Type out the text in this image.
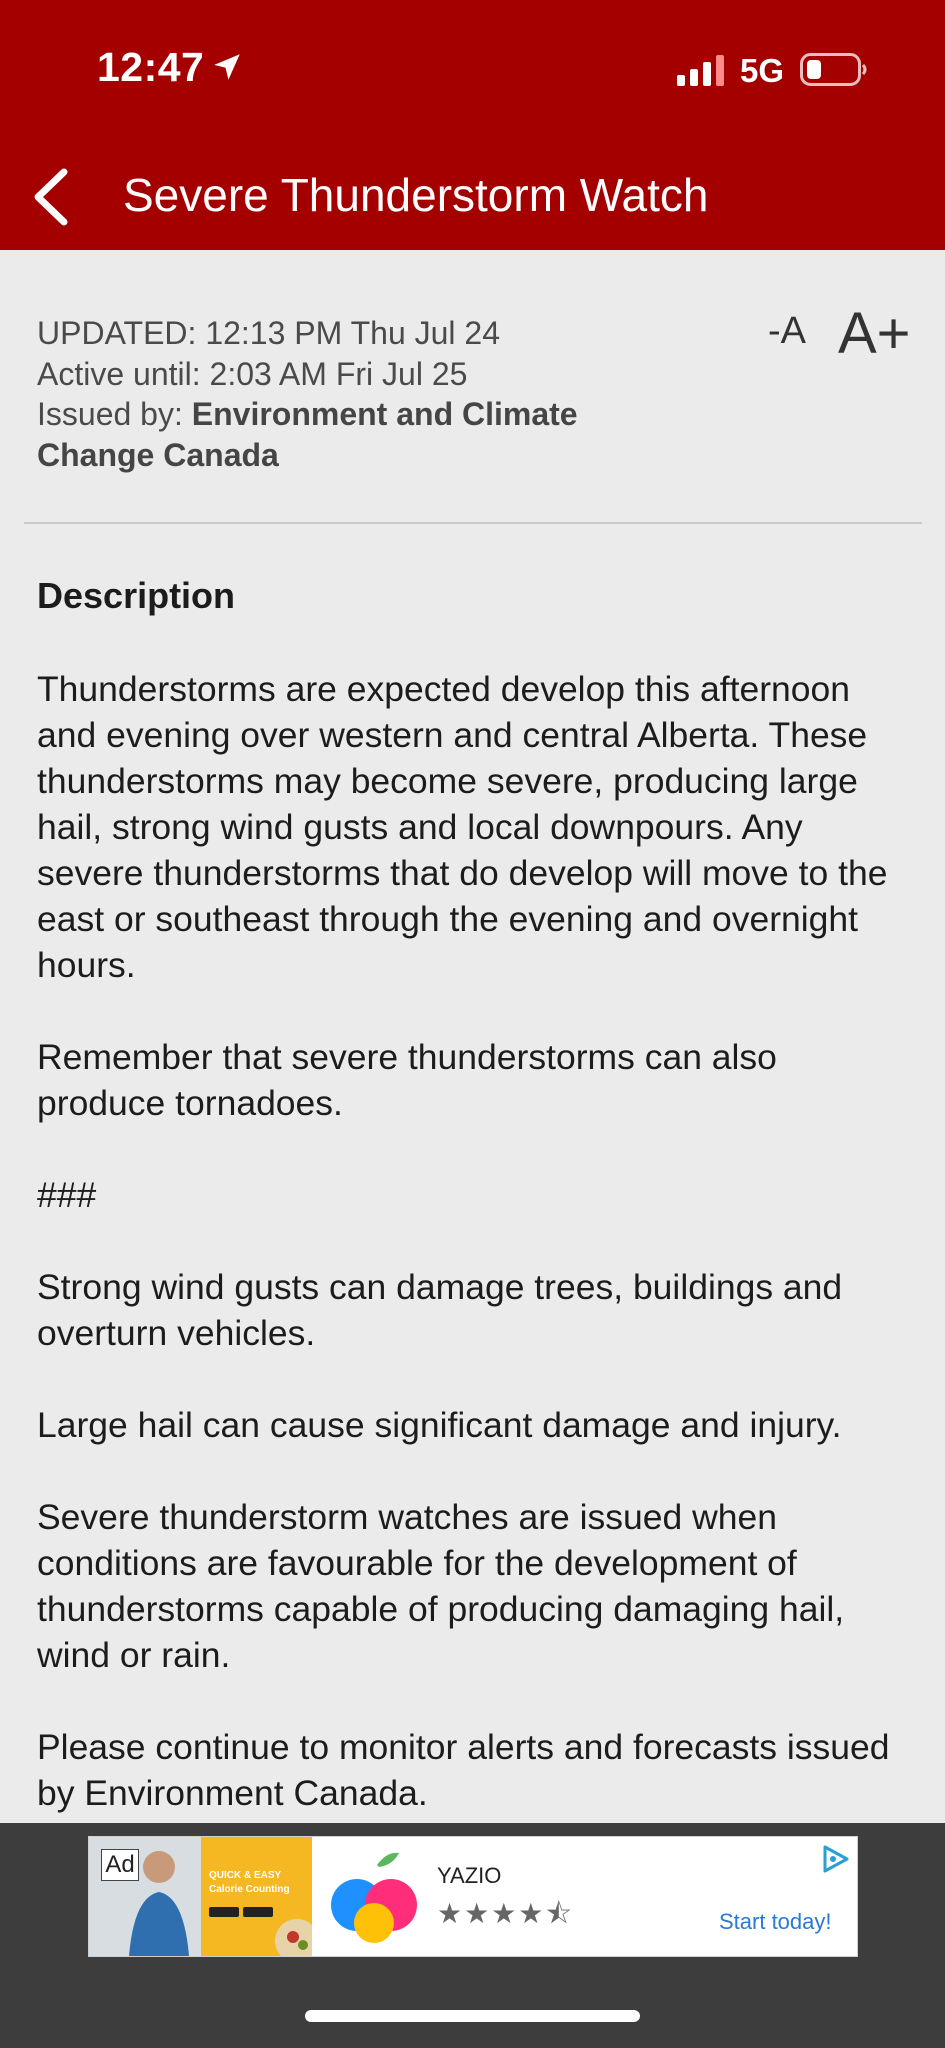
12:47	5G
Severe Thunderstorm Watch
UPDATED: 12:13 PM Thu Jul 24
Active until: 2:03 AM Fri Jul 25
Issued by: Environment and Climate Change Canada
-A A+
Description

Thunderstorms are expected develop this afternoon and evening over western and central Alberta. These thunderstorms may become severe, producing large hail, strong wind gusts and local downpours. Any severe thunderstorms that do develop will move to the east or southeast through the evening and overnight hours.

Remember that severe thunderstorms can also produce tornadoes.

###

Strong wind gusts can damage trees, buildings and overturn vehicles.

Large hail can cause significant damage and injury.

Severe thunderstorm watches are issued when conditions are favourable for the development of thunderstorms capable of producing damaging hail, wind or rain.

Please continue to monitor alerts and forecasts issued by Environment Canada.

Ad	QUICK & EASY Calorie Counting
YAZIO
★★★★⯪	Start today!
